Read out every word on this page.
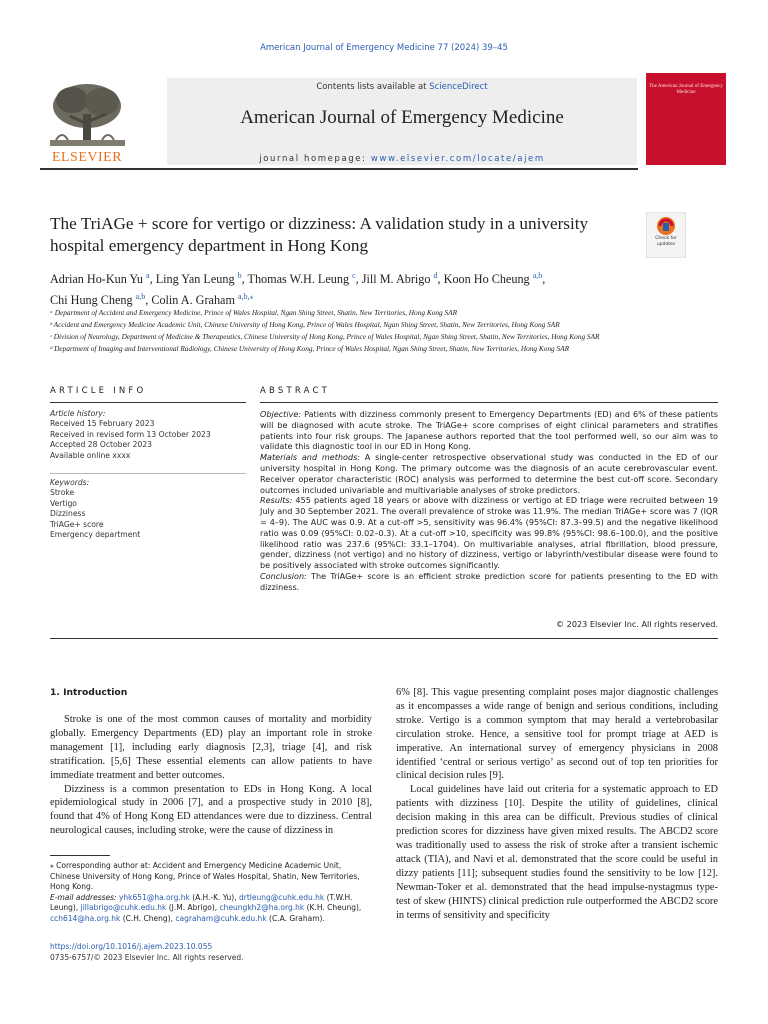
American Journal of Emergency Medicine 77 (2024) 39–45
ELSEVIER
Contents lists available at ScienceDirect
American Journal of Emergency Medicine
journal homepage: www.elsevier.com/locate/ajem
The American Journal of Emergency Medicine
The TriAGe + score for vertigo or dizziness: A validation study in a university hospital emergency department in Hong Kong	Check for updates
Adrian Ho-Kun Yu $^a$, Ling Yan Leung $^b$, Thomas W.H. Leung $^c$, Jill M. Abrigo $^d$, Koon Ho Cheung $^{a,b}$,
Chi Hung Cheng $^{a,b}$, Colin A. Graham $^{a,b,⁎}$
ᵃ Department of Accident and Emergency Medicine, Prince of Wales Hospital, Ngan Shing Street, Shatin, New Territories, Hong Kong SAR
ᵇ Accident and Emergency Medicine Academic Unit, Chinese University of Hong Kong, Prince of Wales Hospital, Ngan Shing Street, Shatin, New Territories, Hong Kong SAR
ᶜ Division of Neurology, Department of Medicine & Therapeutics, Chinese University of Hong Kong, Prince of Wales Hospital, Ngan Shing Street, Shatin, New Territories, Hong Kong SAR
ᵈ Department of Imaging and Interventional Radiology, Chinese University of Hong Kong, Prince of Wales Hospital, Ngan Shing Street, Shatin, New Territories, Hong Kong SAR
ARTICLE INFO
Article history:
Received 15 February 2023
Received in revised form 13 October 2023
Accepted 28 October 2023
Available online xxxx
Keywords:
Stroke
Vertigo
Dizziness
TriAGe+ score
Emergency department
ABSTRACT

Objective: Patients with dizziness commonly present to Emergency Departments (ED) and 6% of these patients will be diagnosed with acute stroke. The TriAGe+ score comprises of eight clinical parameters and stratifies patients into four risk groups. The Japanese authors reported that the tool performed well, so our aim was to validate this diagnostic tool in our ED in Hong Kong.

Materials and methods: A single-center retrospective observational study was conducted in the ED of our university hospital in Hong Kong. The primary outcome was the diagnosis of an acute cerebrovascular event. Receiver operator characteristic (ROC) analysis was performed to determine the best cut-off score. Secondary outcomes included univariable and multivariable analyses of stroke predictors.

Results: 455 patients aged 18 years or above with dizziness or vertigo at ED triage were recruited between 19 July and 30 September 2021. The overall prevalence of stroke was 11.9%. The median TriAGe+ score was 7 (IQR = 4–9). The AUC was 0.9. At a cut-off >5, sensitivity was 96.4% (95%CI: 87.3–99.5) and the negative likelihood ratio was 0.09 (95%CI: 0.02–0.3). At a cut-off >10, specificity was 99.8% (95%CI: 98.6–100.0), and the positive likelihood ratio was 237.6 (95%CI: 33.1–1704). On multivariable analyses, atrial fibrillation, blood pressure, gender, dizziness (not vertigo) and no history of dizziness, vertigo or labyrinth/vestibular disease were found to be positively associated with stroke outcomes significantly.

Conclusion: The TriAGe+ score is an efficient stroke prediction score for patients presenting to the ED with dizziness.

© 2023 Elsevier Inc. All rights reserved.
1. Introduction

Stroke is one of the most common causes of mortality and morbidity globally. Emergency Departments (ED) play an important role in stroke management [1], including early diagnosis [2,3], triage [4], and risk stratification. [5,6] These essential elements can allow patients to have immediate treatment and better outcomes.

Dizziness is a common presentation to EDs in Hong Kong. A local epidemiological study in 2006 [7], and a prospective study in 2010 [8], found that 4% of Hong Kong ED attendances were due to dizziness. Central neurological causes, including stroke, were the cause of dizziness in

6% [8]. This vague presenting complaint poses major diagnostic challenges as it encompasses a wide range of benign and serious conditions, including stroke. Vertigo is a common symptom that may herald a vertebrobasilar circulation stroke. Hence, a sensitive tool for prompt triage at AED is imperative. An international survey of emergency physicians in 2008 identified ‘central or serious vertigo’ as second out of top ten priorities for clinical decision rules [9].

Local guidelines have laid out criteria for a systematic approach to ED patients with dizziness [10]. Despite the utility of guidelines, clinical decision making in this area can be difficult. Previous studies of clinical prediction scores for dizziness have given mixed results. The ABCD2 score was traditionally used to assess the risk of stroke after a transient ischemic attack (TIA), and Navi et al. demonstrated that the score could be useful in dizzy patients [11]; subsequent studies found the sensitivity to be low [12]. Newman-Toker et al. demonstrated that the head impulse-nystagmus type-test of skew (HINTS) clinical prediction rule outperformed the ABCD2 score in terms of sensitivity and specificity

⁎ Corresponding author at: Accident and Emergency Medicine Academic Unit, Chinese University of Hong Kong, Prince of Wales Hospital, Shatin, New Territories, Hong Kong.
E-mail addresses: yhk651@ha.org.hk (A.H.-K. Yu), drtleung@cuhk.edu.hk (T.W.H. Leung), jillabrigo@cuhk.edu.hk (J.M. Abrigo), cheungkh2@ha.org.hk (K.H. Cheung), cch614@ha.org.hk (C.H. Cheng), cagraham@cuhk.edu.hk (C.A. Graham).
https://doi.org/10.1016/j.ajem.2023.10.055
0735-6757/© 2023 Elsevier Inc. All rights reserved.
